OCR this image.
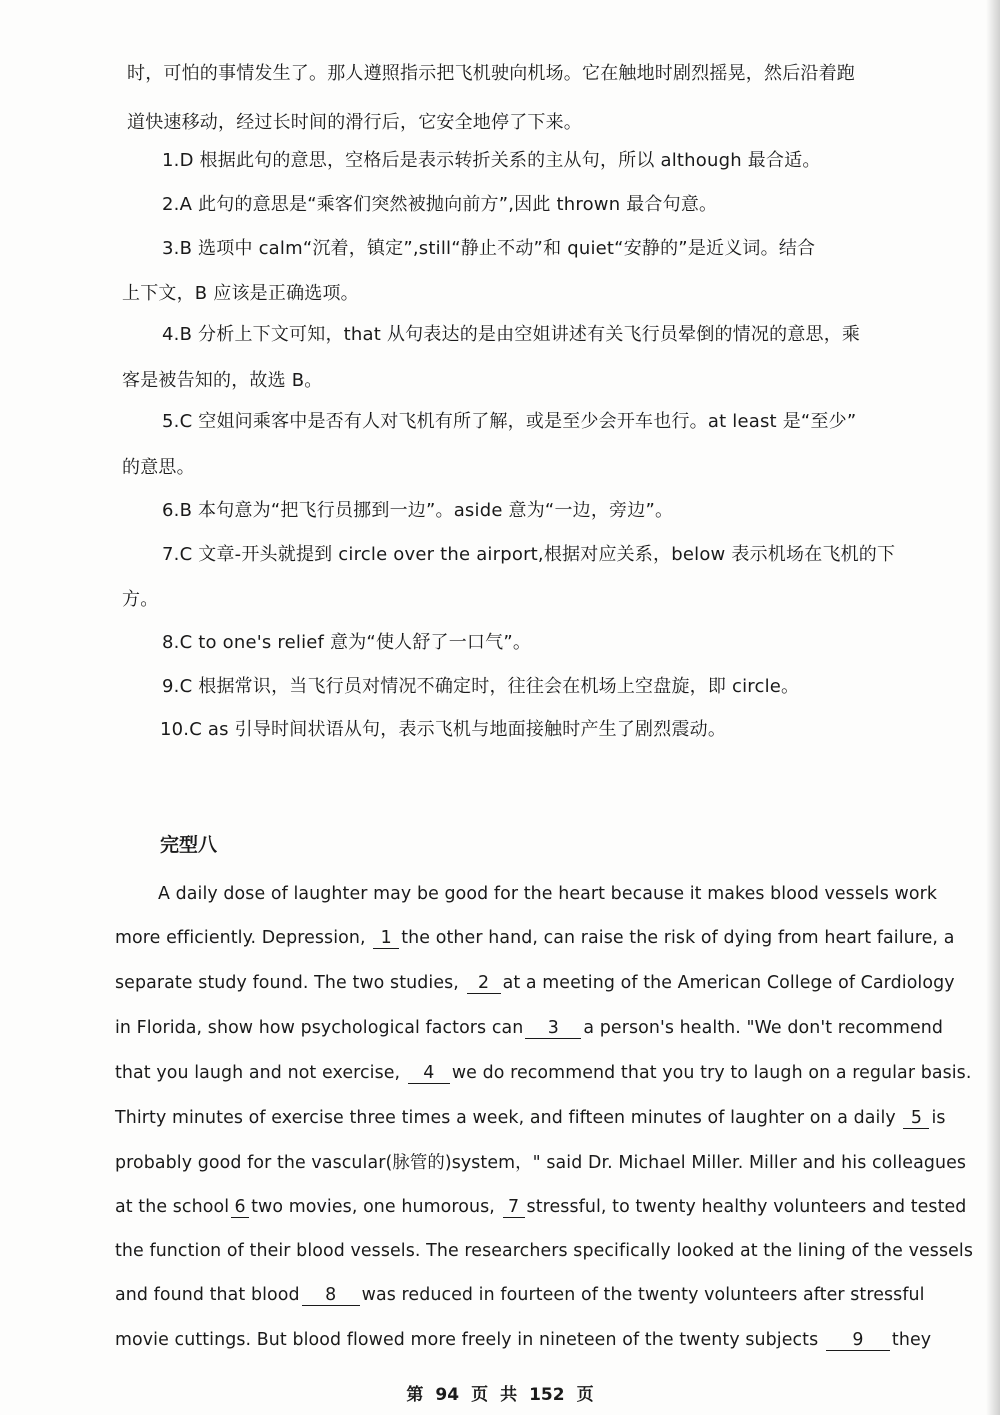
时，可怕的事情发生了。那人遵照指示把飞机驶向机场。它在触地时剧烈摇晃，然后沿着跑
道快速移动，经过长时间的滑行后，它安全地停了下来。
1.D 根据此句的意思，空格后是表示转折关系的主从句，所以 although 最合适。
2.A 此句的意思是“乘客们突然被抛向前方”,因此 thrown 最合句意。
3.B 选项中 calm“沉着，镇定”,still“静止不动”和 quiet“安静的”是近义词。结合
上下文，B 应该是正确选项。
4.B 分析上下文可知，that 从句表达的是由空姐讲述有关飞行员晕倒的情况的意思，乘
客是被告知的，故选 B。
5.C 空姐问乘客中是否有人对飞机有所了解，或是至少会开车也行。at least 是“至少”
的意思。
6.B 本句意为“把飞行员挪到一边”。aside 意为“一边，旁边”。
7.C 文章-开头就提到 circle over the airport,根据对应关系，below 表示机场在飞机的下
方。
8.C to one's relief 意为“使人舒了一口气”。
9.C 根据常识，当飞行员对情况不确定时，往往会在机场上空盘旋，即 circle。
10.C as 引导时间状语从句，表示飞机与地面接触时产生了剧烈震动。
完型八
A daily dose of laughter may be good for the heart because it makes blood vessels work
more efficiently. Depression, 1 the other hand, can raise the risk of dying from heart failure, a
separate study found. The two studies, 2 at a meeting of the American College of Cardiology
in Florida, show how psychological factors can 3 a person's health. "We don't recommend
that you laugh and not exercise, 4 we do recommend that you try to laugh on a regular basis.
Thirty minutes of exercise three times a week, and fifteen minutes of laughter on a daily 5 is
probably good for the vascular(脉管的)system，" said Dr. Michael Miller. Miller and his colleagues
at the school 6 two movies, one humorous, 7 stressful, to twenty healthy volunteers and tested
the function of their blood vessels. The researchers specifically looked at the lining of the vessels
and found that blood 8 was reduced in fourteen of the twenty volunteers after stressful
movie cuttings. But blood flowed more freely in nineteen of the twenty subjects 9 they
第 94 页 共 152 页
